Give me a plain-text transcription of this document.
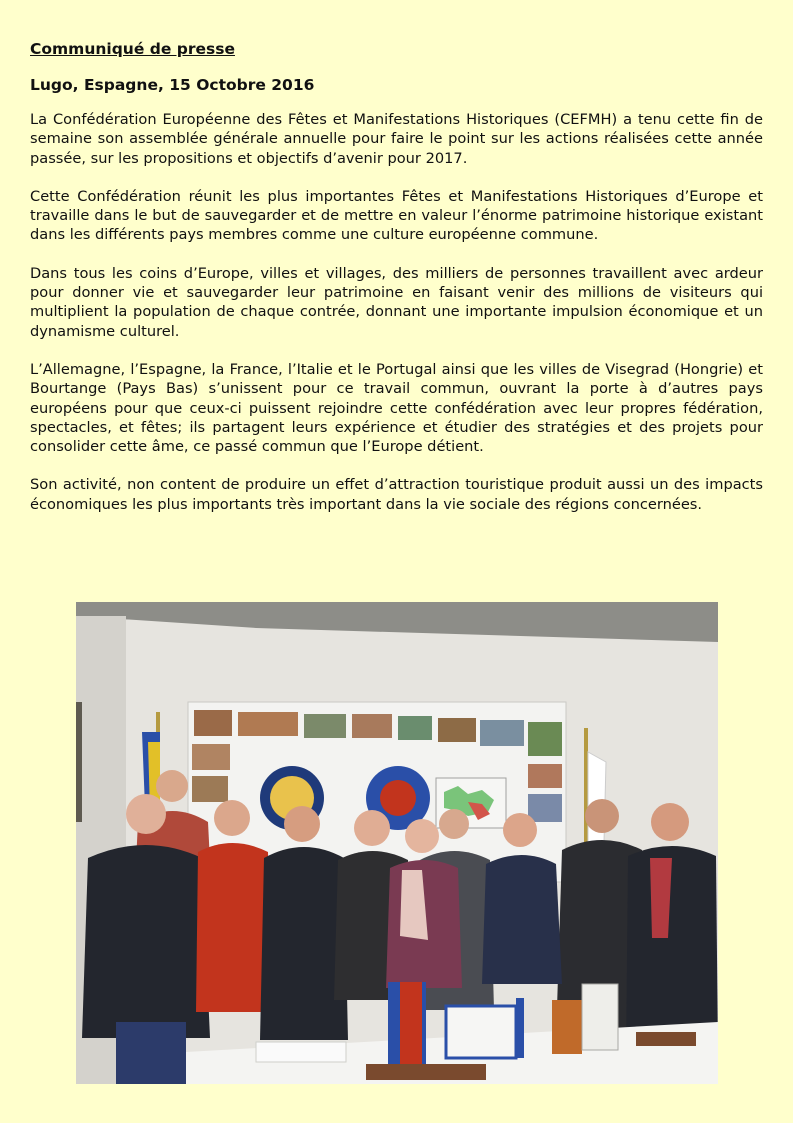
Communiqué de presse
Lugo, Espagne, 15 Octobre 2016

La Confédération Européenne des Fêtes et Manifestations Historiques (CEFMH) a tenu cette fin de semaine son assemblée générale annuelle pour faire le point sur les actions réalisées cette année passée, sur les propositions et objectifs d’avenir pour 2017.

Cette Confédération réunit les plus importantes Fêtes et Manifestations Historiques d’Europe et travaille dans le but de sauvegarder et de mettre en valeur l’énorme patrimoine historique existant dans les différents pays membres comme une culture européenne commune.

Dans tous les coins d’Europe, villes et villages, des milliers de personnes travaillent avec ardeur pour donner vie et sauvegarder leur patrimoine en faisant venir des millions de visiteurs qui multiplient la population de chaque contrée, donnant une importante impulsion économique et un dynamisme culturel.

L’Allemagne, l’Espagne, la France, l’Italie et le Portugal ainsi que les villes de Visegrad (Hongrie) et Bourtange (Pays Bas) s’unissent pour ce travail commun, ouvrant la porte à d’autres pays européens pour que ceux-ci puissent rejoindre cette confédération avec leur propres fédération, spectacles, et fêtes; ils partagent leurs expérience et étudier des stratégies et des projets pour consolider cette âme, ce passé commun que l’Europe détient.

Son activité, non content de produire un effet d’attraction touristique produit aussi un des impacts économiques les plus importants très important dans la vie sociale des régions concernées.
